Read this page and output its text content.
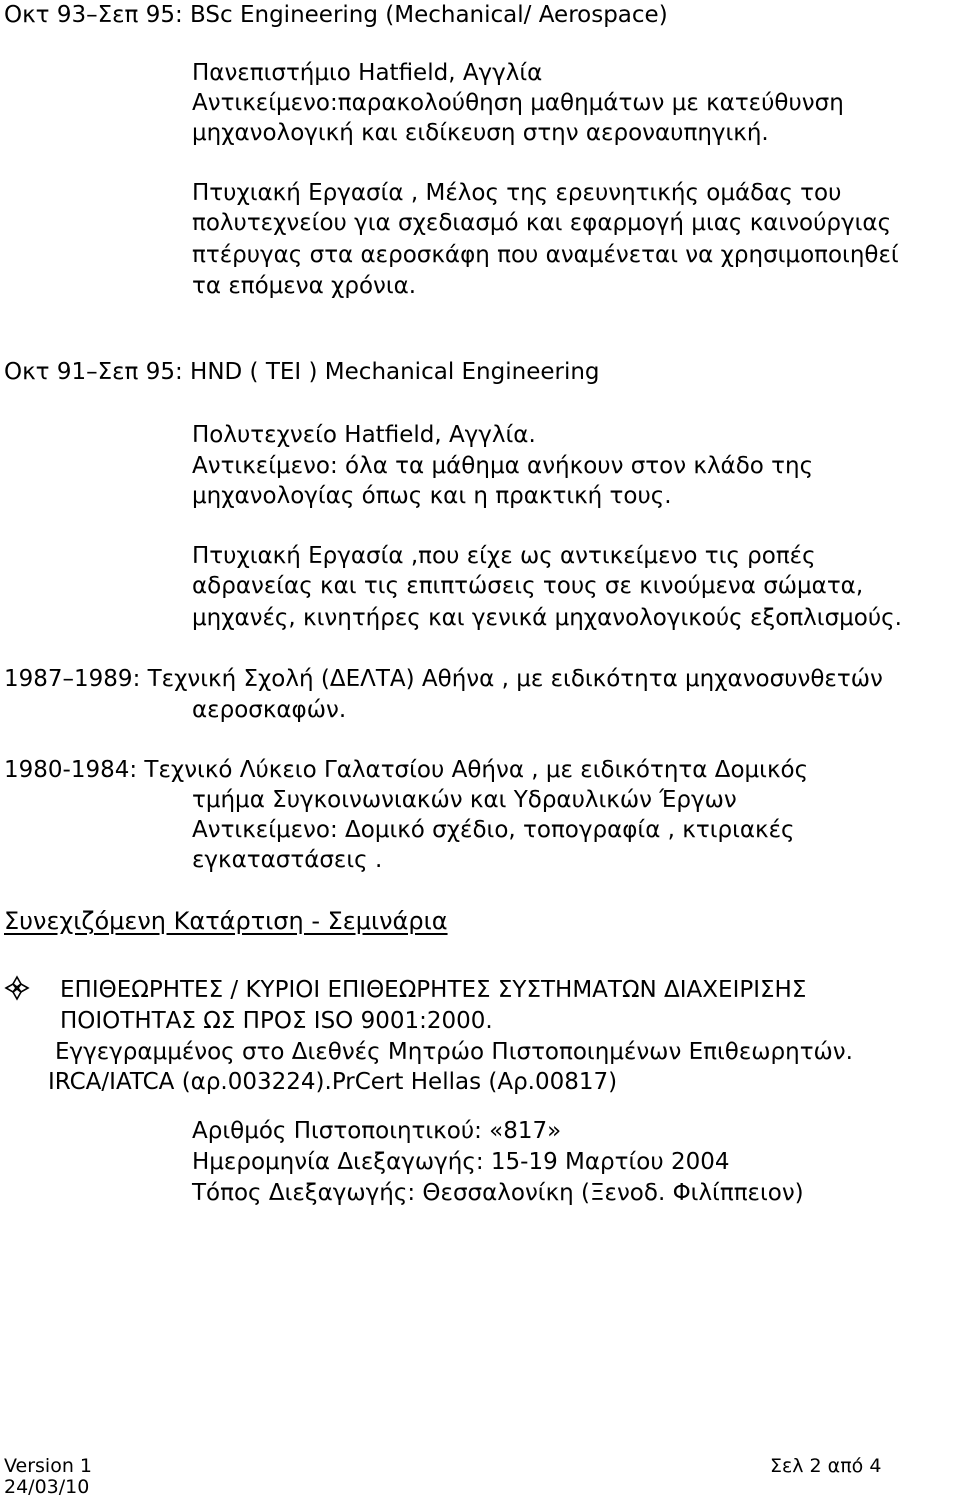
Οκτ 93–Σεπ 95: BSc Engineering (Mechanical/ Aerospace)
Πανεπιστήμιο Hatfield, Αγγλία
Αντικείμενο:παρακολούθηση μαθημάτων με κατεύθυνση
μηχανολογική και ειδίκευση στην αεροναυπηγική.
Πτυχιακή Εργασία , Μέλος της ερευνητικής ομάδας του
πολυτεχνείου για σχεδιασμό και εφαρμογή μιας καινούργιας
πτέρυγας στα αεροσκάφη που αναμένεται να χρησιμοποιηθεί
τα επόμενα χρόνια.
Οκτ 91–Σεπ 95: HND ( TEI ) Mechanical Engineering
Πολυτεχνείο Hatfield, Αγγλία.
Αντικείμενο: όλα τα μάθημα ανήκουν στον κλάδο της
μηχανολογίας όπως και η πρακτική τους.
Πτυχιακή Εργασία ,που είχε ως αντικείμενο τις ροπές
αδρανείας και τις επιπτώσεις τους σε κινούμενα σώματα,
μηχανές, κινητήρες και γενικά μηχανολογικούς εξοπλισμούς.
1987–1989: Τεχνική Σχολή (ΔΕΛΤΑ) Αθήνα , με ειδικότητα μηχανοσυνθετών
αεροσκαφών.
1980-1984: Τεχνικό Λύκειο Γαλατσίου Αθήνα , με ειδικότητα Δομικός
τμήμα Συγκοινωνιακών και Υδραυλικών Έργων
Αντικείμενο: Δομικό σχέδιο, τοπογραφία , κτιριακές
εγκαταστάσεις .
Συνεχιζόμενη Κατάρτιση - Σεμινάρια
ΕΠΙΘΕΩΡΗΤΕΣ / ΚΥΡΙΟΙ ΕΠΙΘΕΩΡΗΤΕΣ ΣΥΣΤΗΜΑΤΩΝ ΔΙΑΧΕΙΡΙΣΗΣ
ΠΟΙΟΤΗΤΑΣ ΩΣ ΠΡΟΣ ISO 9001:2000.
Εγγεγραμμένος στο Διεθνές Μητρώο Πιστοποιημένων Επιθεωρητών.
IRCA/IATCA (αρ.003224).PrCert Hellas (Αρ.00817)
Αριθμός Πιστοποιητικού: «817»
Ημερομηνία Διεξαγωγής: 15-19 Μαρτίου 2004
Τόπος Διεξαγωγής: Θεσσαλονίκη (Ξενοδ. Φιλίππειον)
Version 1
24/03/10
Σελ 2 από 4
